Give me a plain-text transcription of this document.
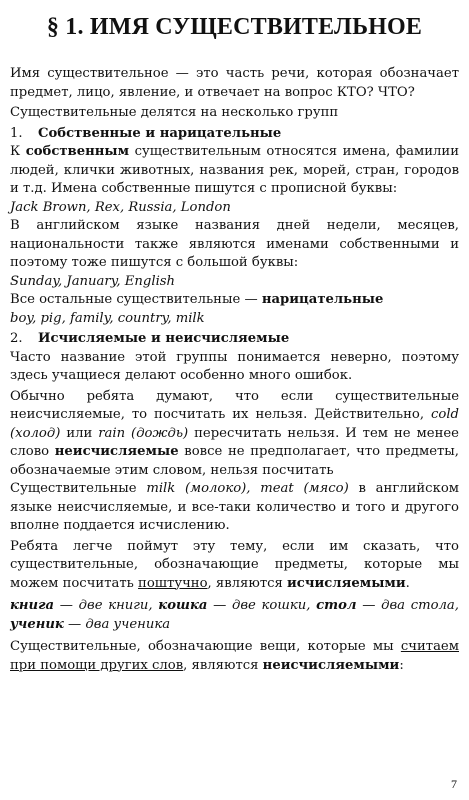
§ 1. ИМЯ СУЩЕСТВИТЕЛЬНОЕ

Имя существительное — это часть речи, которая обозначает предмет, лицо, явление, и отвечает на вопрос КТО? ЧТО?

Существительные делятся на несколько групп

1. Собственные и нарицательные

К собственным существительным относятся имена, фамилии людей, клички животных, названия рек, морей, стран, городов и т.д. Имена собственные пишутся с прописной буквы:

Jack Brown, Rex, Russia, London

В английском языке названия дней недели, месяцев, национальности также являются именами собственными и поэтому тоже пишутся с большой буквы:

Sunday, January, English

Все остальные существительные — нарицательные

boy, pig, family, country, milk

2. Исчисляемые и неисчисляемые

Часто название этой группы понимается неверно, поэтому здесь учащиеся делают особенно много ошибок.

Обычно ребята думают, что если существительные неисчисляемые, то посчитать их нельзя. Действительно, cold (холод) или rain (дождь) пересчитать нельзя. И тем не менее слово неисчисляемые вовсе не предполагает, что предметы, обозначаемые этим словом, нельзя посчитать

Существительные milk (молоко), meat (мясо) в английском языке неисчисляемые, и все-таки количество и того и другого вполне поддается исчислению.

Ребята легче поймут эту тему, если им сказать, что существительные, обозначающие предметы, которые мы можем посчитать поштучно, являются исчисляемыми.

книга — две книги, кошка — две кошки, стол — два стола, ученик — два ученика

Существительные, обозначающие вещи, которые мы считаем при помощи других слов, являются неисчисляемыми:

7
